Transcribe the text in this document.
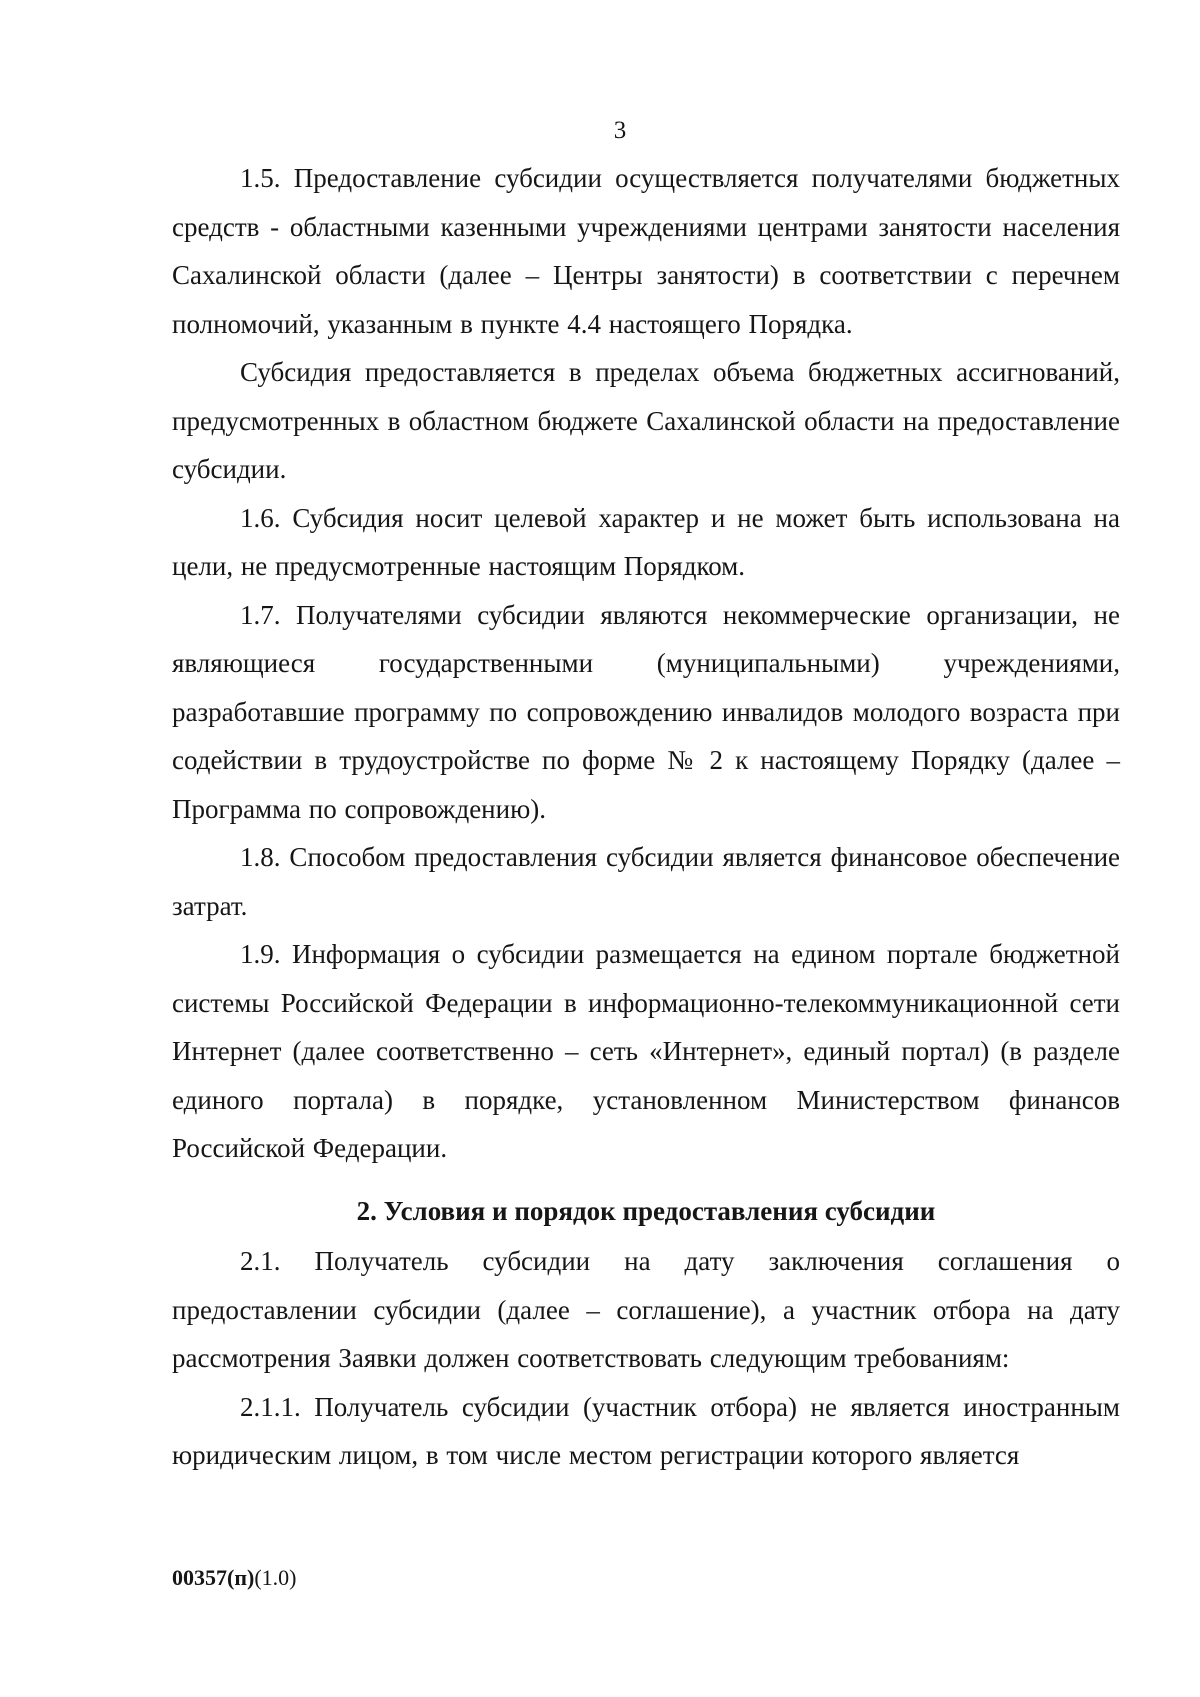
3

1.5. Предоставление субсидии осуществляется получателями бюджетных средств - областными казенными учреждениями центрами занятости населения Сахалинской области (далее – Центры занятости) в соответствии с перечнем полномочий, указанным в пункте 4.4 настоящего Порядка.

Субсидия предоставляется в пределах объема бюджетных ассигнований, предусмотренных в областном бюджете Сахалинской области на предоставление субсидии.

1.6. Субсидия носит целевой характер и не может быть использована на цели, не предусмотренные настоящим Порядком.

1.7. Получателями субсидии являются некоммерческие организации, не являющиеся государственными (муниципальными) учреждениями, разработавшие программу по сопровождению инвалидов молодого возраста при содействии в трудоустройстве по форме № 2 к настоящему Порядку (далее – Программа по сопровождению).

1.8. Способом предоставления субсидии является финансовое обеспечение затрат.

1.9. Информация о субсидии размещается на едином портале бюджетной системы Российской Федерации в информационно-телекоммуникационной сети Интернет (далее соответственно – сеть «Интернет», единый портал) (в разделе единого портала) в порядке, установленном Министерством финансов Российской Федерации.

2. Условия и порядок предоставления субсидии

2.1. Получатель субсидии на дату заключения соглашения о предоставлении субсидии (далее – соглашение), а участник отбора на дату рассмотрения Заявки должен соответствовать следующим требованиям:

2.1.1. Получатель субсидии (участник отбора) не является иностранным юридическим лицом, в том числе местом регистрации которого является

00357(п)(1.0)
